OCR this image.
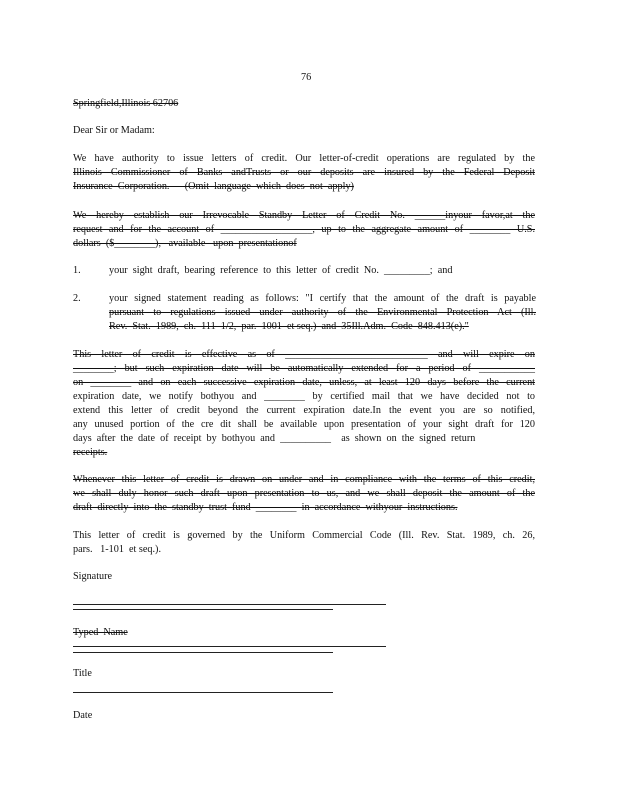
76
Springfield,Illinois 62706
Dear Sir or Madam:
We have authority to issue letters of credit. Our letter-of-credit operations are regulated by the
Illinois Commissioner of Banks andTrusts or our deposits are insured by the Federal Deposit
Insurance  Corporation.      (Omit  language  which  does  not  apply)
We hereby establish our Irrevocable Standby Letter of Credit No. ______inyour favor,at the
request and for the account of __________________, up to the aggregate amount of ________ U.S.
dollars  ($________),   available   upon  presentationof
1.	your  sight  draft,  bearing  reference  to  this  letter  of  credit  No.  _________;  and
2.	your signed statement reading as follows: "I certify that the amount of the draft is payable
pursuant to regulations issued under authority of the Environmental Protection Act (Ill.
Rev.  Stat.  1989,  ch.  111  1/2,  par.  1001  et seq.)  and  35Ill.Adm.  Code  848.413(e)."
This letter of credit is effective as of ____________________________ and will expire on
________; but such expiration date will be automatically extended for a period of ___________
on ________ and on each successive expiration date, unless, at least 120 days before the current
expiration date, we notify bothyou and ________ by certified mail that we have decided not to
extend this letter of credit beyond the current expiration date.In the event you are so notified,
any unused portion of the cre dit shall be available upon presentation of your sight draft for 120
days  after  the  date  of  receipt  by  bothyou  and  __________    as  shown  on  the  signed  return
receipts.
Whenever this letter of credit is drawn on under and in compliance with the terms of this credit,
we shall duly honor such draft upon presentation to us, and we shall deposit the amount of the
draft  directly  into  the  standby  trust  fund  ________  in  accordance  withyour  instructions.
This letter of credit is governed by the Uniform Commercial Code (Ill. Rev. Stat. 1989, ch. 26,
pars.   1-101  et seq.).
Signature
Typed  Name
Title
Date
